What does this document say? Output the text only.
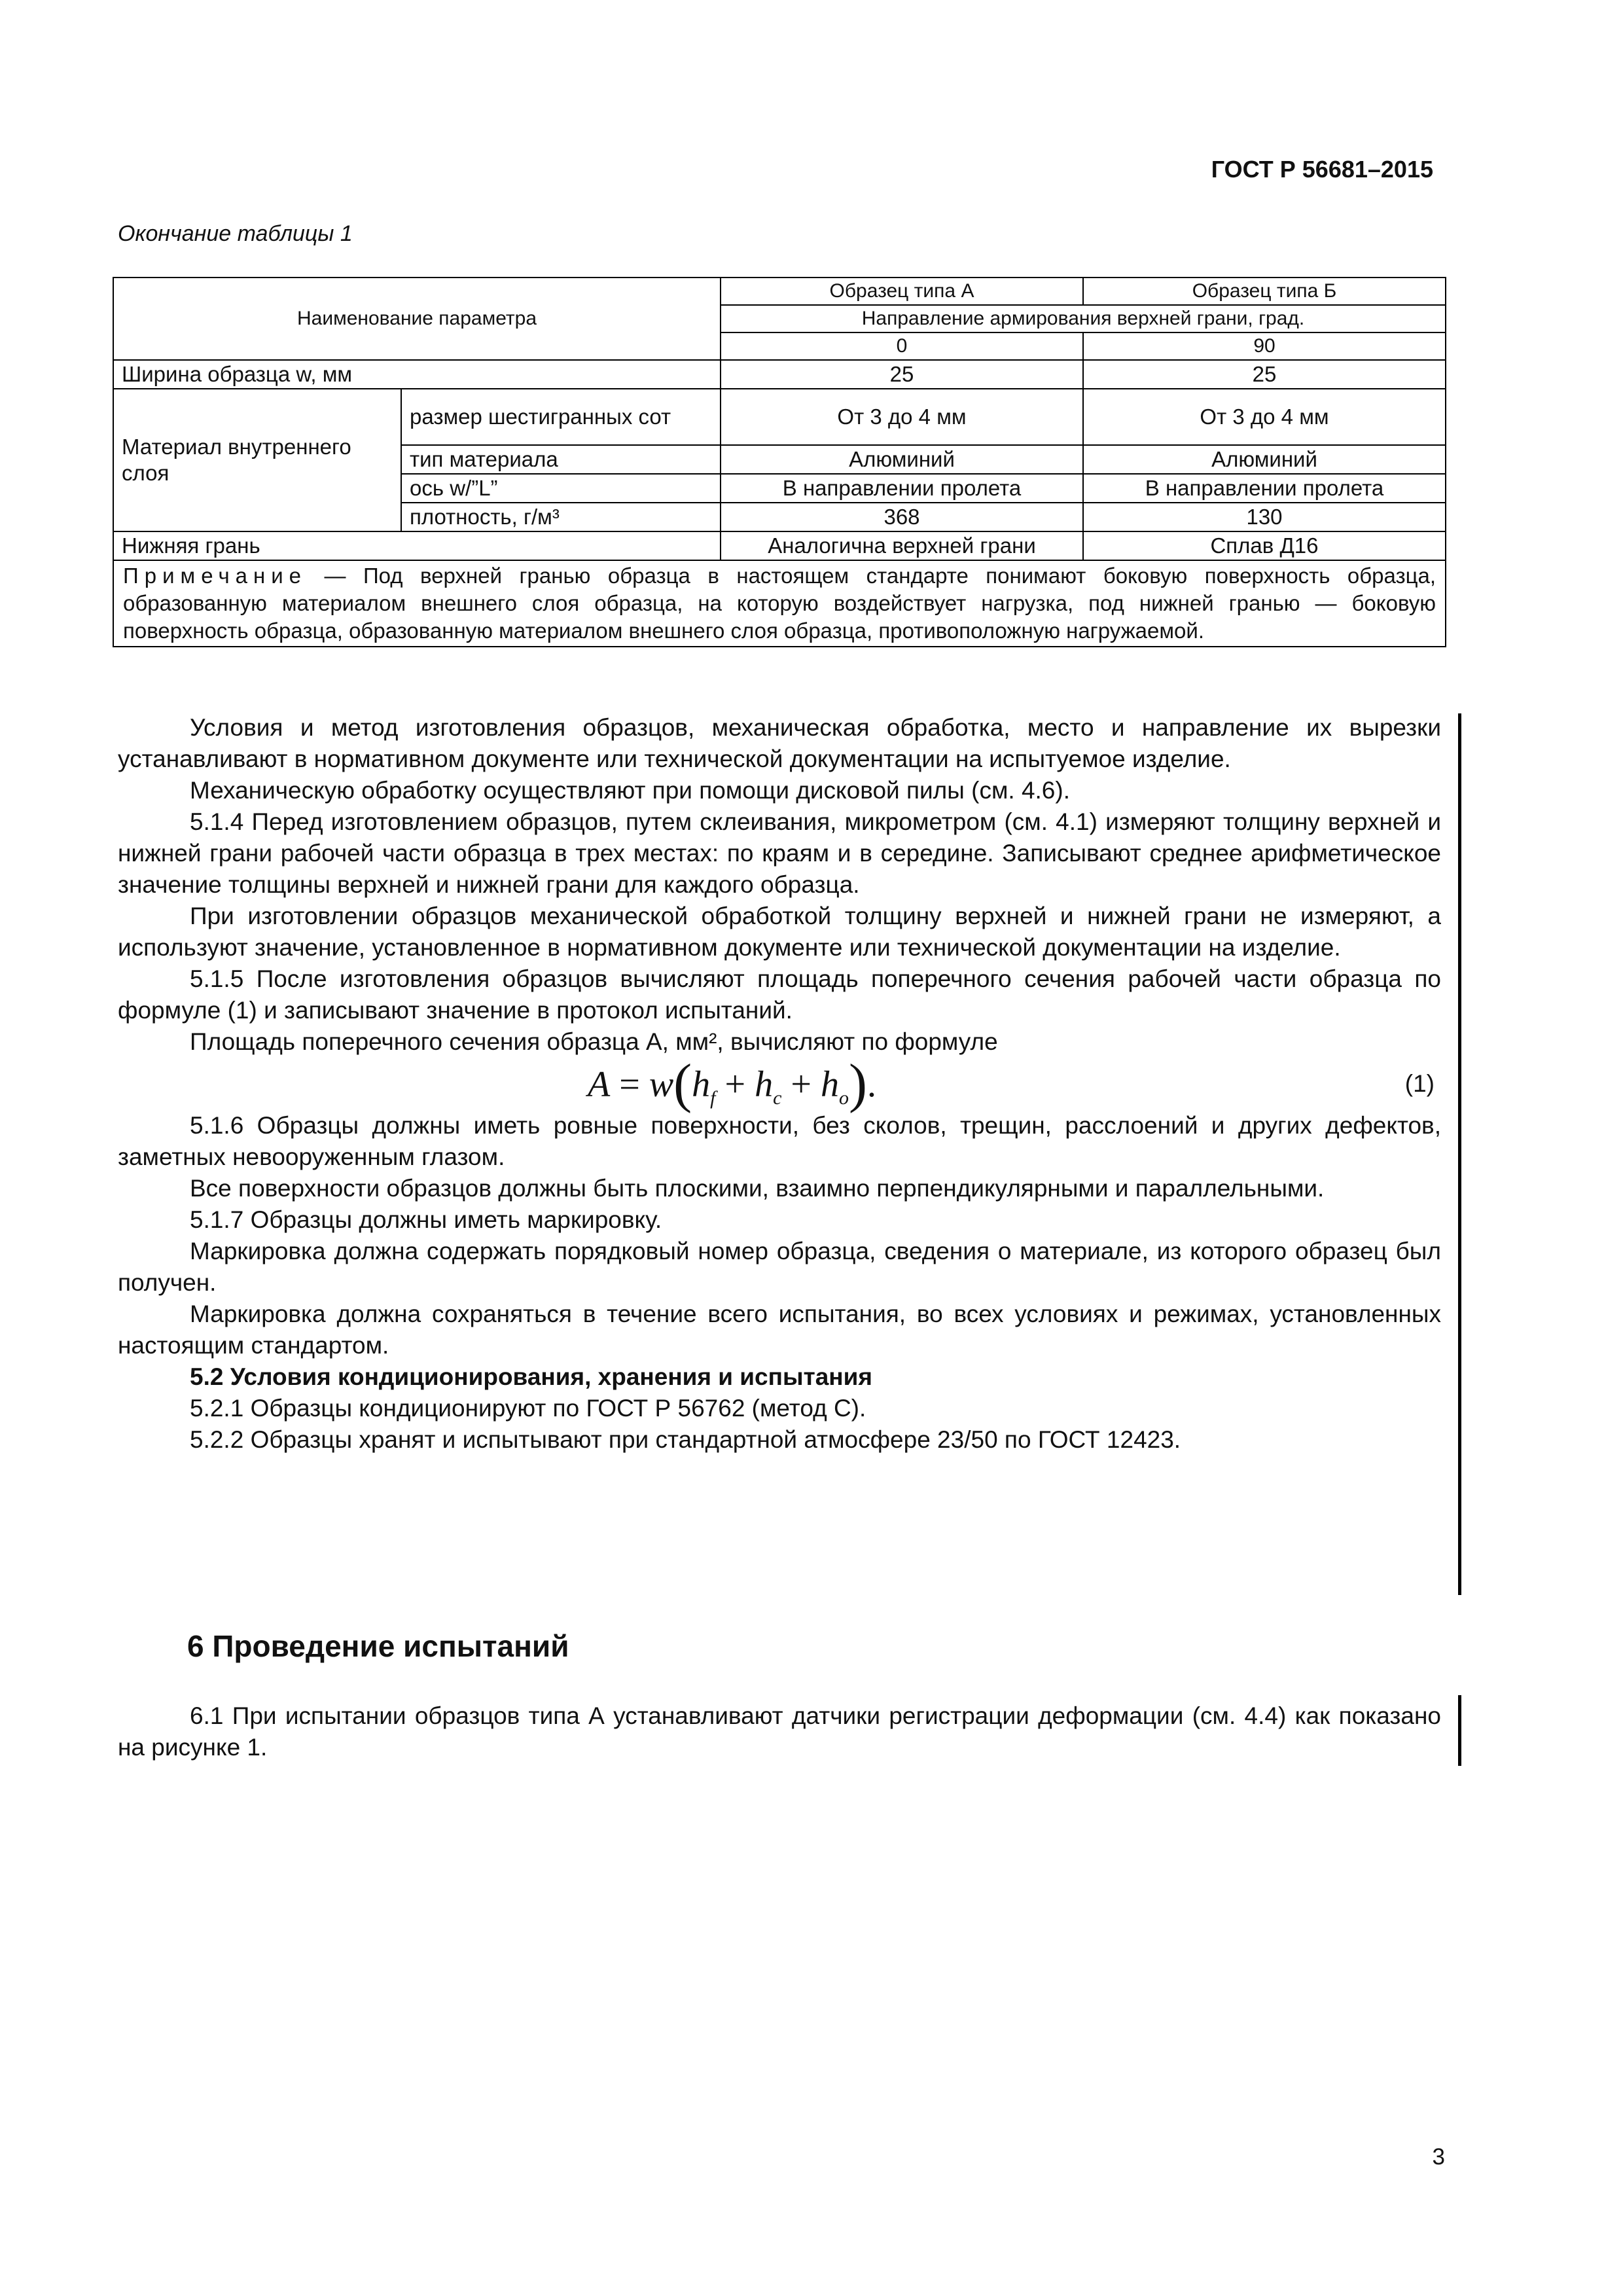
ГОСТ Р 56681–2015
Окончание таблицы 1
Наименование параметра		Образец типа А	Образец типа Б
		Направление армирования верхней грани, град.	
		0	90
Ширина образца w, мм		25	25
Материал внутреннего слоя	размер шестигранных сот	От 3 до 4 мм	От 3 до 4 мм
	тип материала	Алюминий	Алюминий
	ось w/”L”	В направлении пролета	В направлении пролета
	плотность, г/м³	368	130
Нижняя грань		Аналогична верхней грани	Сплав Д16
Примечание — Под верхней гранью образца в настоящем стандарте понимают боковую поверхность образца, образованную материалом внешнего слоя образца, на которую воздействует нагрузка, под нижней гранью — боковую поверхность образца, образованную материалом внешнего слоя образца, противоположную нагружаемой.			

Условия и метод изготовления образцов, механическая обработка, место и направление их вырезки устанавливают в нормативном документе или технической документации на испытуемое изделие.

Механическую обработку осуществляют при помощи дисковой пилы (см. 4.6).

5.1.4 Перед изготовлением образцов, путем склеивания, микрометром (см. 4.1) измеряют толщину верхней и нижней грани рабочей части образца в трех местах: по краям и в середине. Записывают среднее арифметическое значение толщины верхней и нижней грани для каждого образца.

При изготовлении образцов механической обработкой толщину верхней и нижней грани не измеряют, а используют значение, установленное в нормативном документе или технической документации на изделие.

5.1.5 После изготовления образцов вычисляют площадь поперечного сечения рабочей части образца по формуле (1) и записывают значение в протокол испытаний.

Площадь поперечного сечения образца A, мм², вычисляют по формуле

$A = w(h_f + h_c + h_o)$.	(1)

5.1.6 Образцы должны иметь ровные поверхности, без сколов, трещин, расслоений и других дефектов, заметных невооруженным глазом.

Все поверхности образцов должны быть плоскими, взаимно перпендикулярными и параллельными.

5.1.7 Образцы должны иметь маркировку.

Маркировка должна содержать порядковый номер образца, сведения о материале, из которого образец был получен.

Маркировка должна сохраняться в течение всего испытания, во всех условиях и режимах, установленных настоящим стандартом.

5.2 Условия кондиционирования, хранения и испытания

5.2.1 Образцы кондиционируют по ГОСТ Р 56762 (метод С).

5.2.2 Образцы хранят и испытывают при стандартной атмосфере 23/50 по ГОСТ 12423.

6 Проведение испытаний

6.1 При испытании образцов типа А устанавливают датчики регистрации деформации (см. 4.4) как показано на рисунке 1.

3
